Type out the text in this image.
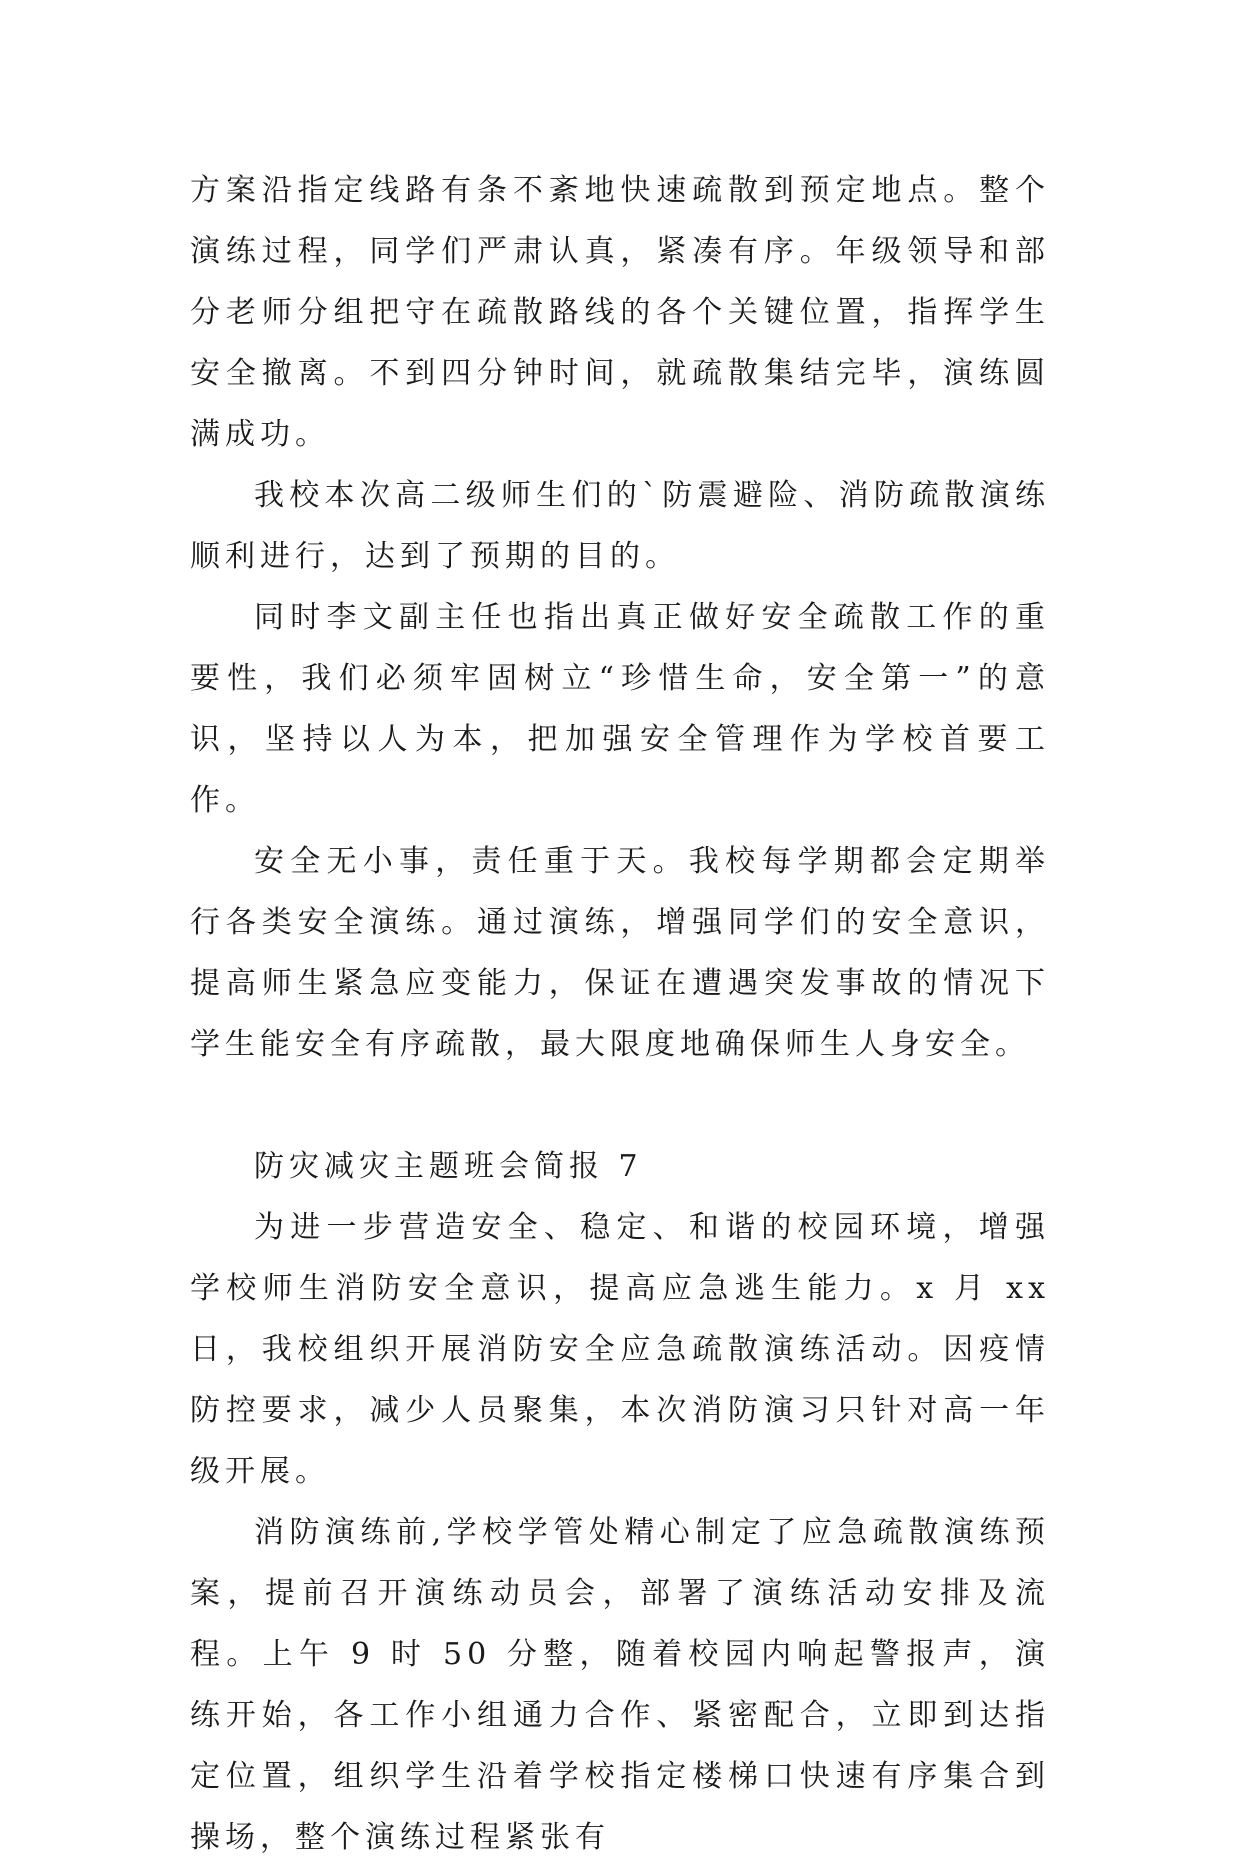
方案沿指定线路有条不紊地快速疏散到预定地点。整个演练过程，同学们严肃认真，紧凑有序。年级领导和部分老师分组把守在疏散路线的各个关键位置，指挥学生安全撤离。不到四分钟时间，就疏散集结完毕，演练圆满成功。

我校本次高二级师生们的`防震避险、消防疏散演练顺利进行，达到了预期的目的。

同时李文副主任也指出真正做好安全疏散工作的重要性，我们必须牢固树立“珍惜生命，安全第一”的意识，坚持以人为本，把加强安全管理作为学校首要工作。

安全无小事，责任重于天。我校每学期都会定期举行各类安全演练。通过演练，增强同学们的安全意识，提高师生紧急应变能力，保证在遭遇突发事故的情况下学生能安全有序疏散，最大限度地确保师生人身安全。

防灾减灾主题班会简报 7

为进一步营造安全、稳定、和谐的校园环境，增强学校师生消防安全意识，提高应急逃生能力。x 月 xx 日，我校组织开展消防安全应急疏散演练活动。因疫情防控要求，减少人员聚集，本次消防演习只针对高一年级开展。

消防演练前,学校学管处精心制定了应急疏散演练预案，提前召开演练动员会，部署了演练活动安排及流程。上午 9 时 50 分整，随着校园内响起警报声，演练开始，各工作小组通力合作、紧密配合，立即到达指定位置，组织学生沿着学校指定楼梯口快速有序集合到操场，整个演练过程紧张有
